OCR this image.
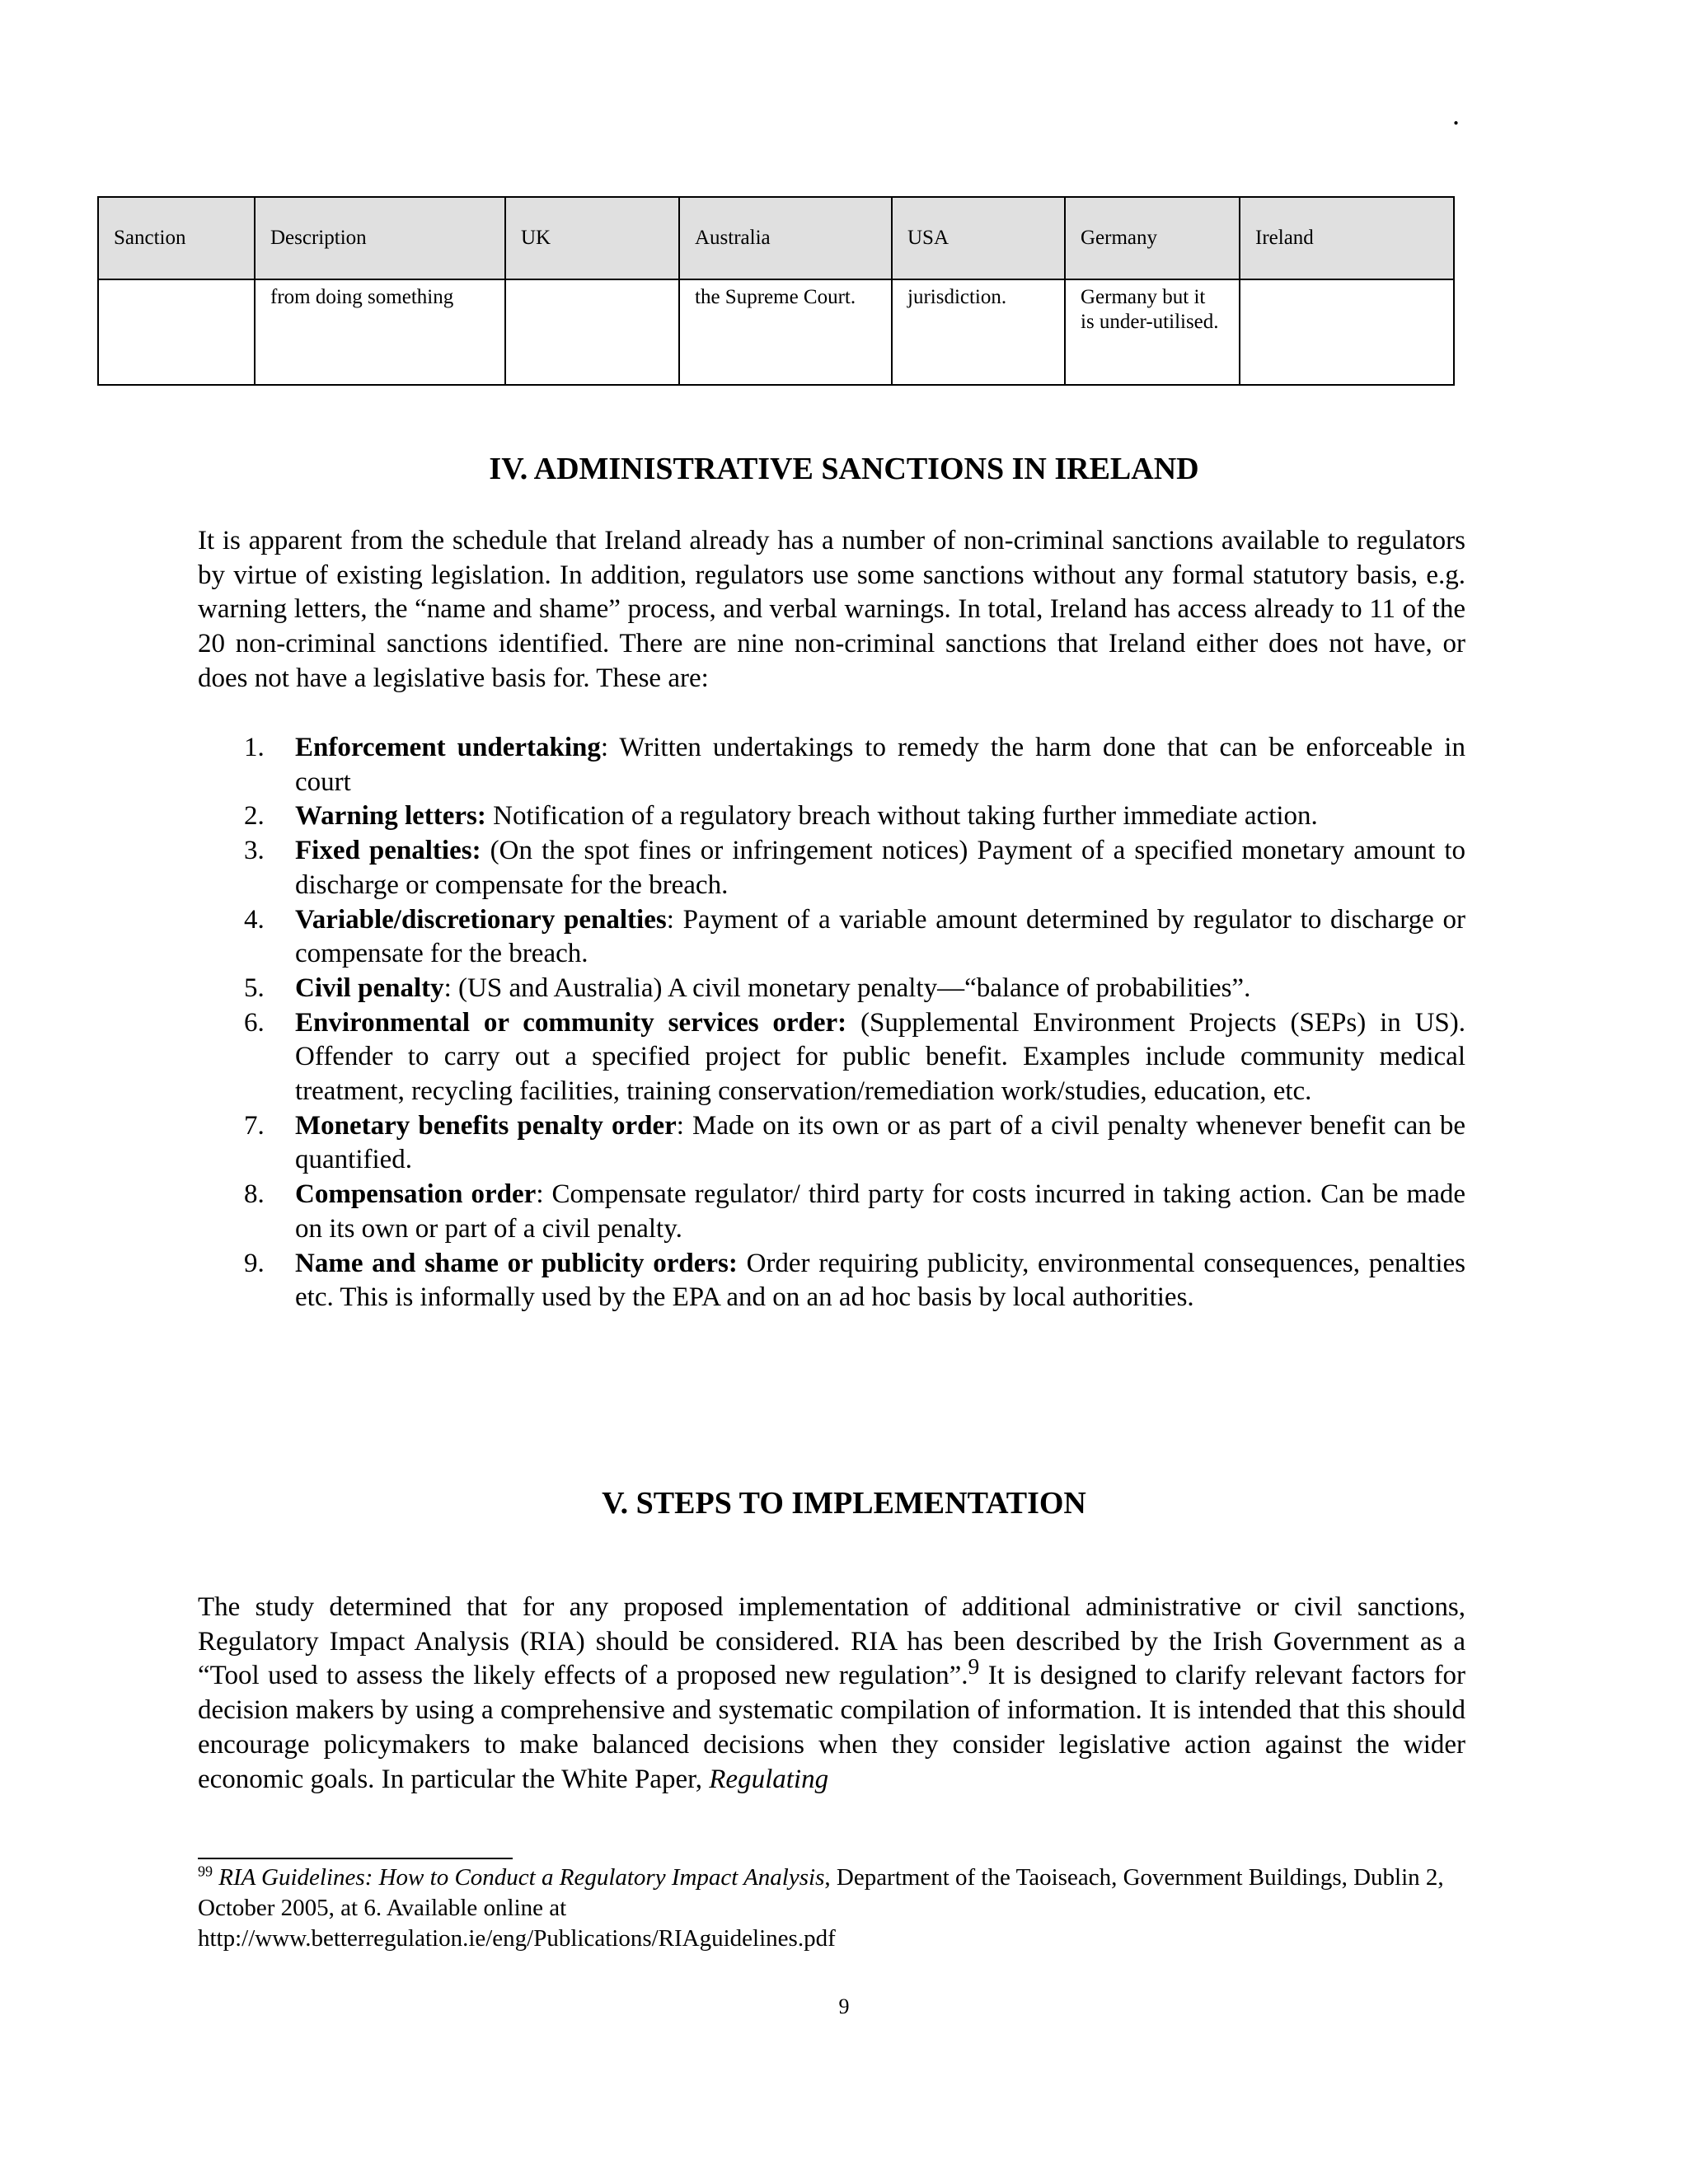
.
Sanction	Description	UK	Australia	USA	Germany	Ireland
	from doing something		the Supreme Court.	jurisdiction.	Germany but it is under-utilised.	
IV. ADMINISTRATIVE SANCTIONS IN IRELAND

It is apparent from the schedule that Ireland already has a number of non-criminal sanctions available to regulators by virtue of existing legislation. In addition, regulators use some sanctions without any formal statutory basis, e.g. warning letters, the “name and shame” process, and verbal warnings. In total, Ireland has access already to 11 of the 20 non-criminal sanctions identified. There are nine non-criminal sanctions that Ireland either does not have, or does not have a legislative basis for. These are:

1. Enforcement undertaking: Written undertakings to remedy the harm done that can be enforceable in court
2. Warning letters: Notification of a regulatory breach without taking further immediate action.
3. Fixed penalties: (On the spot fines or infringement notices) Payment of a specified monetary amount to discharge or compensate for the breach.
4. Variable/discretionary penalties: Payment of a variable amount determined by regulator to discharge or compensate for the breach.
5. Civil penalty: (US and Australia) A civil monetary penalty—“balance of probabilities”.
6. Environmental or community services order: (Supplemental Environment Projects (SEPs) in US). Offender to carry out a specified project for public benefit. Examples include community medical treatment, recycling facilities, training conservation/remediation work/studies, education, etc.
7. Monetary benefits penalty order: Made on its own or as part of a civil penalty whenever benefit can be quantified.
8. Compensation order: Compensate regulator/ third party for costs incurred in taking action. Can be made on its own or part of a civil penalty.
9. Name and shame or publicity orders: Order requiring publicity, environmental consequences, penalties etc. This is informally used by the EPA and on an ad hoc basis by local authorities.
V. STEPS TO IMPLEMENTATION

The study determined that for any proposed implementation of additional administrative or civil sanctions, Regulatory Impact Analysis (RIA) should be considered. RIA has been described by the Irish Government as a “Tool used to assess the likely effects of a proposed new regulation”.$^9$ It is designed to clarify relevant factors for decision makers by using a comprehensive and systematic compilation of information. It is intended that this should encourage policymakers to make balanced decisions when they consider legislative action against the wider economic goals. In particular the White Paper, Regulating

$^{99}$ RIA Guidelines: How to Conduct a Regulatory Impact Analysis, Department of the Taoiseach, Government Buildings, Dublin 2, October 2005, at 6. Available online at
http://www.betterregulation.ie/eng/Publications/RIAguidelines.pdf

9
